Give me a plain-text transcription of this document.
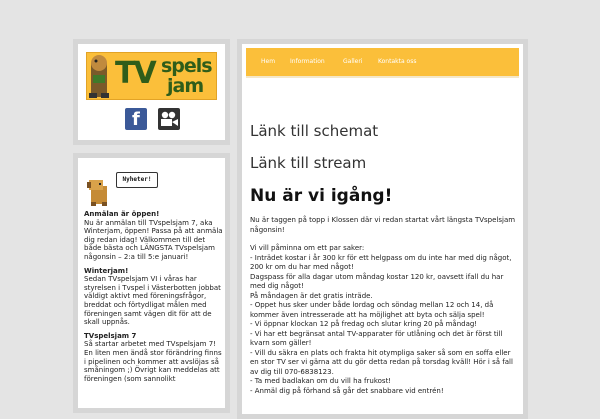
TV spels
jam
f
Nyheter!

Anmälan är öppen!
Nu är anmälan till TVspelsjam 7, aka Winterjam, öppen! Passa på att anmäla dig redan idag! Välkommen till det både bästa och LÄNGSTA TVspelsjam någonsin – 2:a till 5:e januari!

Winterjam!
Sedan TVspelsjam VI i våras har styrelsen i Tvspel i Västerbotten jobbat väldigt aktivt med föreningsfrågor, breddat och förtydligat målen med föreningen samt vägen dit för att de skall uppnås.

TVspelsjam 7
Så startar arbetet med TVspelsjam 7! En liten men ändå stor förändring finns i pipelinen och kommer att avslöjas så småningom ;) Övrigt kan meddelas att föreningen (som sannolikt

Hem Information	Galleri	Kontakta oss
Länk till schemat
Länk till stream
Nu är vi igång!

Nu är taggen på topp i Klossen där vi redan startat vårt längsta TVspelsjam någonsin!

Vi vill påminna om ett par saker:
- Inträdet kostar i år 300 kr för ett helgpass om du inte har med dig något, 200 kr om du har med något!
Dagspass för alla dagar utom måndag kostar 120 kr, oavsett ifall du har med dig något!
På måndagen är det gratis inträde.
- Oppet hus sker under både lordag och söndag mellan 12 och 14, då kommer även intresserade att ha möjlighet att byta och sälja spel!
- Vi öppnar klockan 12 på fredag och slutar kring 20 på måndag!
- Vi har ett begränsat antal TV-apparater för utlåning och det är först till kvarn som gäller!
- Vill du säkra en plats och frakta hit otympliga saker så som en soffa eller en stor TV ser vi gärna att du gör detta redan på torsdag kväll! Hör i så fall av dig till 070-6838123.
- Ta med badlakan om du vill ha frukost!
- Anmäl dig på förhand så går det snabbare vid entrén!
